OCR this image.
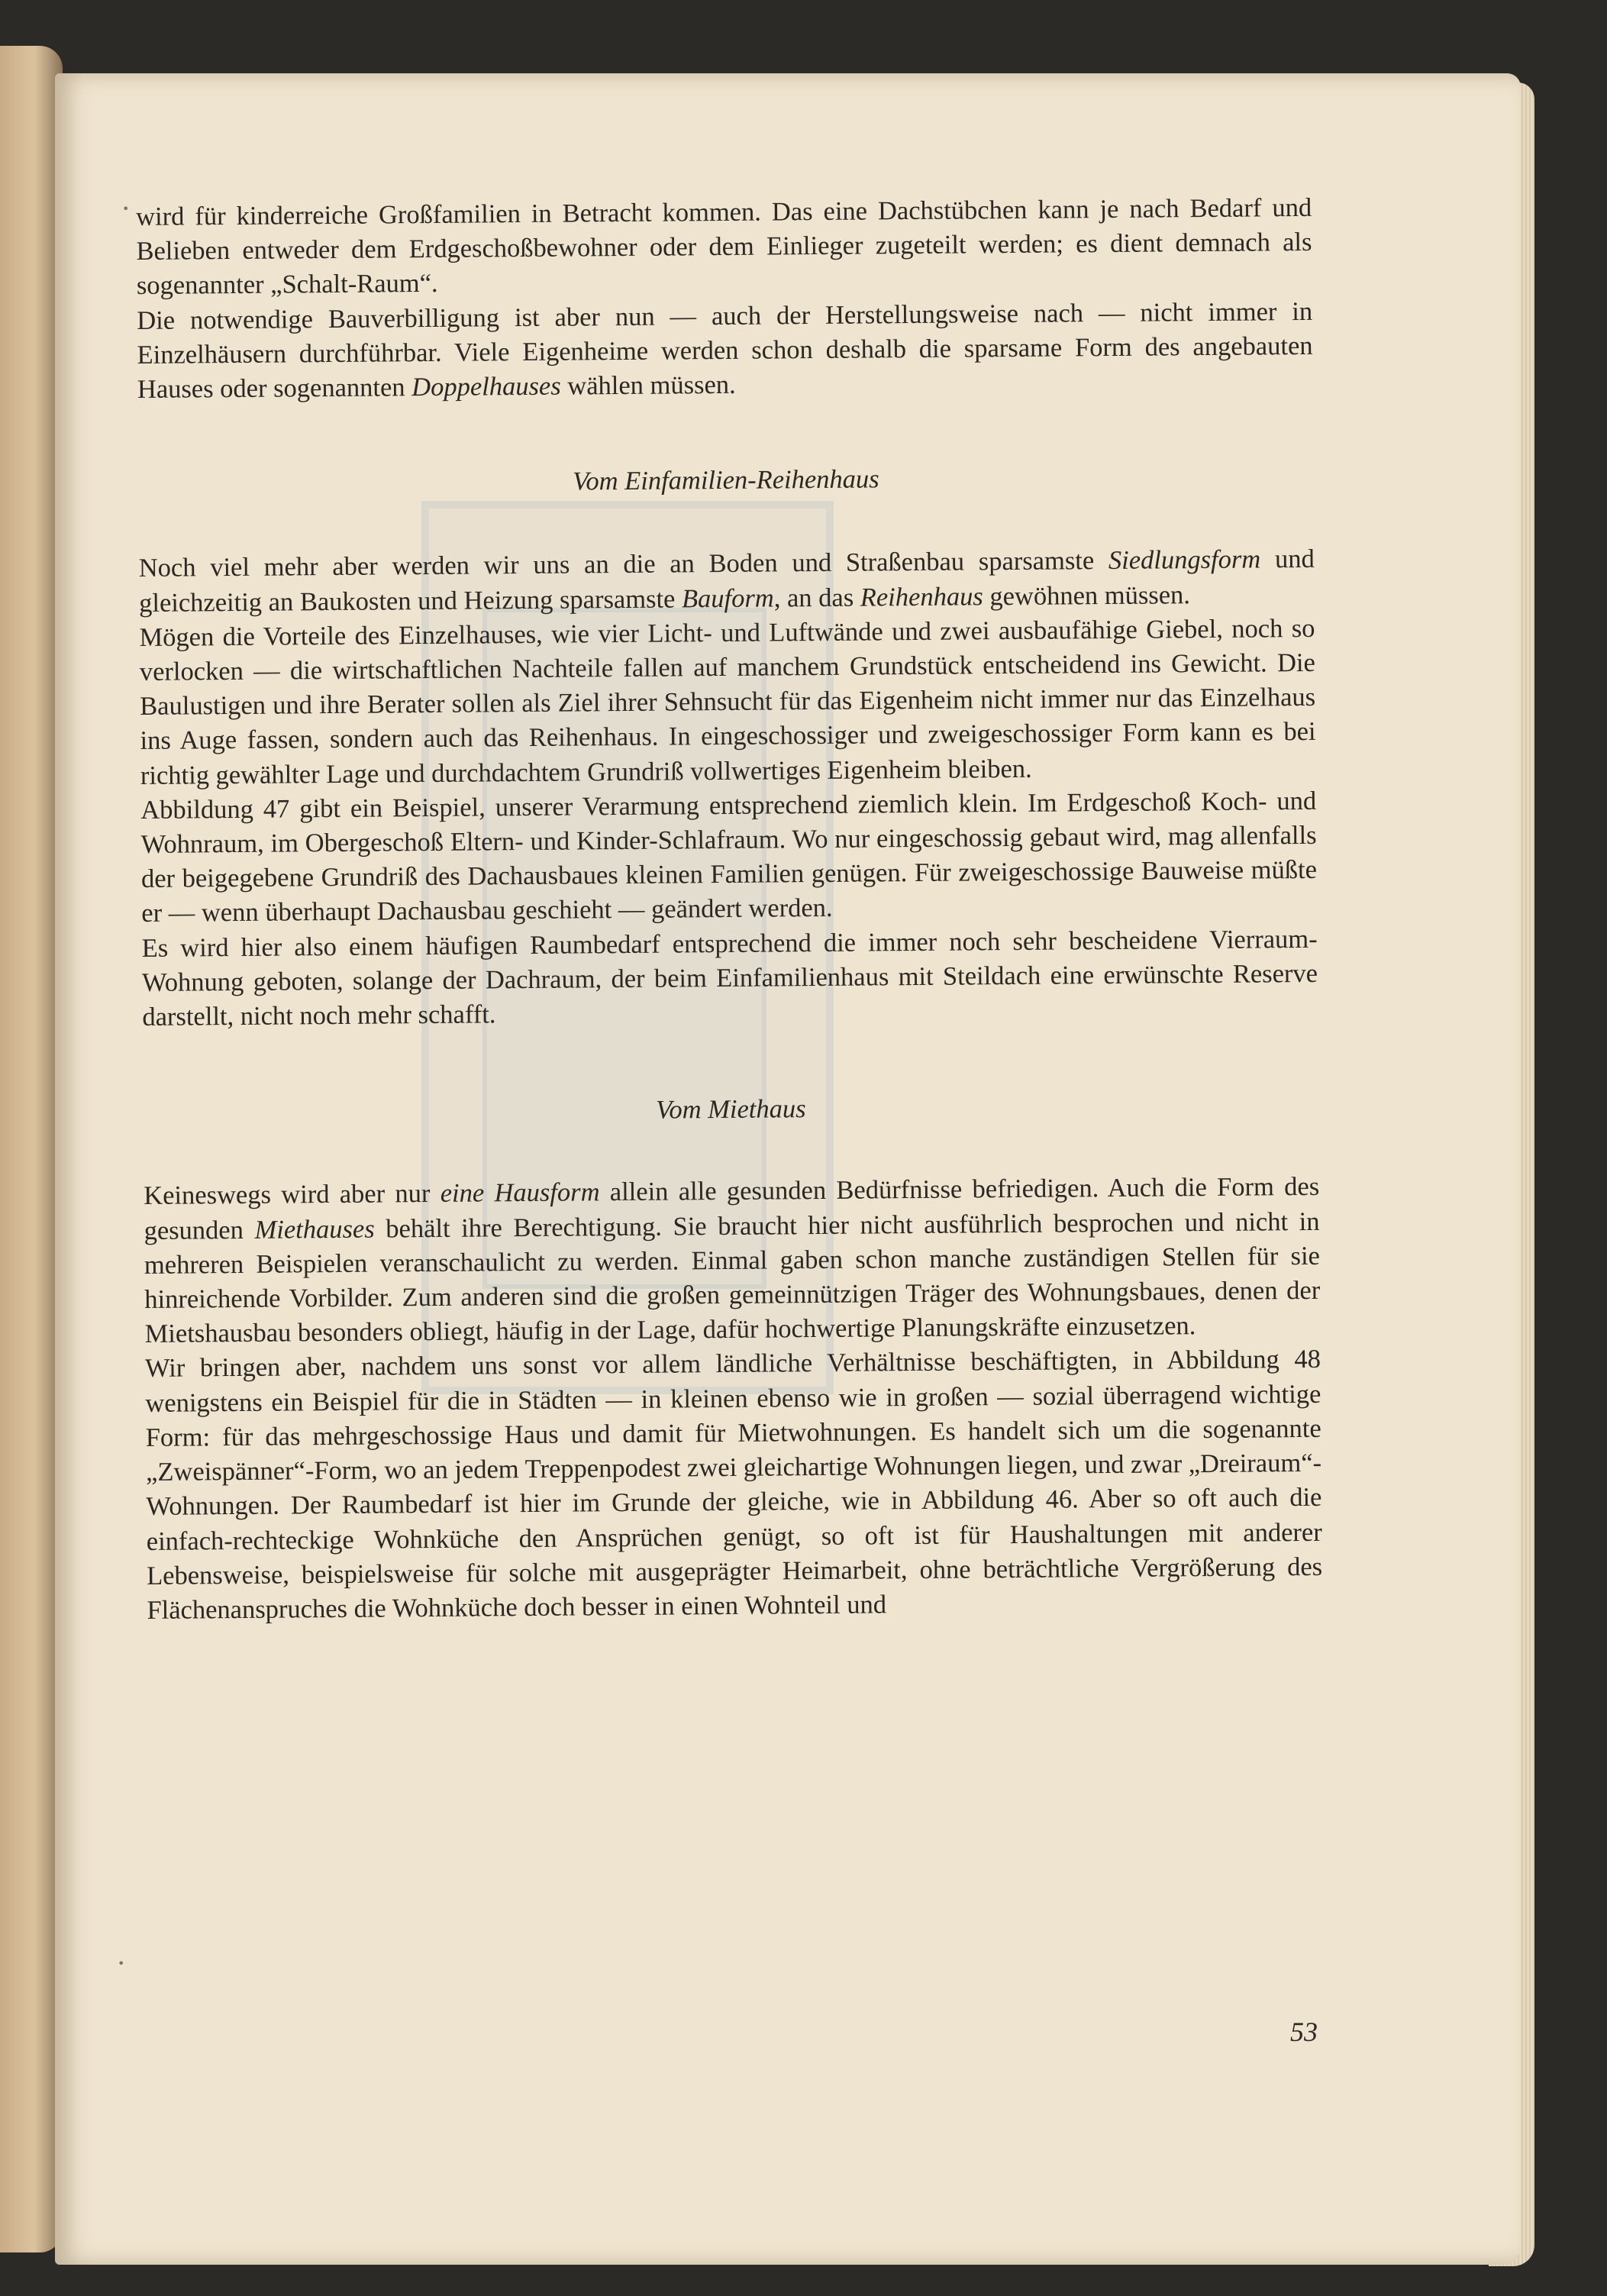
•
•

wird für kinderreiche Großfamilien in Betracht kommen. Das eine Dachstübchen kann je nach Bedarf und Belieben entweder dem Erdgeschoßbewohner oder dem Einlieger zugeteilt werden; es dient demnach als sogenannter „Schalt-Raum“.

Die notwendige Bauverbilligung ist aber nun — auch der Herstellungsweise nach — nicht immer in Einzelhäusern durchführbar. Viele Eigenheime werden schon deshalb die sparsame Form des angebauten Hauses oder sogenannten Doppelhauses wählen müssen.

Vom Einfamilien-Reihenhaus

Noch viel mehr aber werden wir uns an die an Boden und Straßenbau sparsamste Siedlungsform und gleichzeitig an Baukosten und Heizung sparsamste Bauform, an das Reihenhaus gewöhnen müssen.

Mögen die Vorteile des Einzelhauses, wie vier Licht- und Luftwände und zwei ausbaufähige Giebel, noch so verlocken — die wirtschaftlichen Nachteile fallen auf manchem Grundstück entscheidend ins Gewicht. Die Baulustigen und ihre Berater sollen als Ziel ihrer Sehnsucht für das Eigenheim nicht immer nur das Einzelhaus ins Auge fassen, sondern auch das Reihenhaus. In eingeschossiger und zweigeschossiger Form kann es bei richtig gewählter Lage und durchdachtem Grundriß vollwertiges Eigenheim bleiben.

Abbildung 47 gibt ein Beispiel, unserer Verarmung entsprechend ziemlich klein. Im Erdgeschoß Koch- und Wohnraum, im Obergeschoß Eltern- und Kinder-Schlafraum. Wo nur eingeschossig gebaut wird, mag allenfalls der beigegebene Grundriß des Dachausbaues kleinen Familien genügen. Für zweigeschossige Bauweise müßte er — wenn überhaupt Dachausbau geschieht — geändert werden.

Es wird hier also einem häufigen Raumbedarf entsprechend die immer noch sehr bescheidene Vierraum-Wohnung geboten, solange der Dachraum, der beim Einfamilienhaus mit Steildach eine erwünschte Reserve darstellt, nicht noch mehr schafft.

Vom Miethaus

Keineswegs wird aber nur eine Hausform allein alle gesunden Bedürfnisse befriedigen. Auch die Form des gesunden Miethauses behält ihre Berechtigung. Sie braucht hier nicht ausführlich besprochen und nicht in mehreren Beispielen veranschaulicht zu werden. Einmal gaben schon manche zuständigen Stellen für sie hinreichende Vorbilder. Zum anderen sind die großen gemeinnützigen Träger des Wohnungsbaues, denen der Mietshausbau besonders obliegt, häufig in der Lage, dafür hochwertige Planungskräfte einzusetzen.

Wir bringen aber, nachdem uns sonst vor allem ländliche Verhältnisse beschäftigten, in Abbildung 48 wenigstens ein Beispiel für die in Städten — in kleinen ebenso wie in großen — sozial überragend wichtige Form: für das mehrgeschossige Haus und damit für Mietwohnungen. Es handelt sich um die sogenannte „Zweispänner“-Form, wo an jedem Treppenpodest zwei gleichartige Wohnungen liegen, und zwar „Dreiraum“-Wohnungen. Der Raumbedarf ist hier im Grunde der gleiche, wie in Abbildung 46. Aber so oft auch die einfach-rechteckige Wohnküche den Ansprüchen genügt, so oft ist für Haushaltungen mit anderer Lebensweise, beispielsweise für solche mit ausgeprägter Heimarbeit, ohne beträchtliche Vergrößerung des Flächenanspruches die Wohnküche doch besser in einen Wohnteil und

53
